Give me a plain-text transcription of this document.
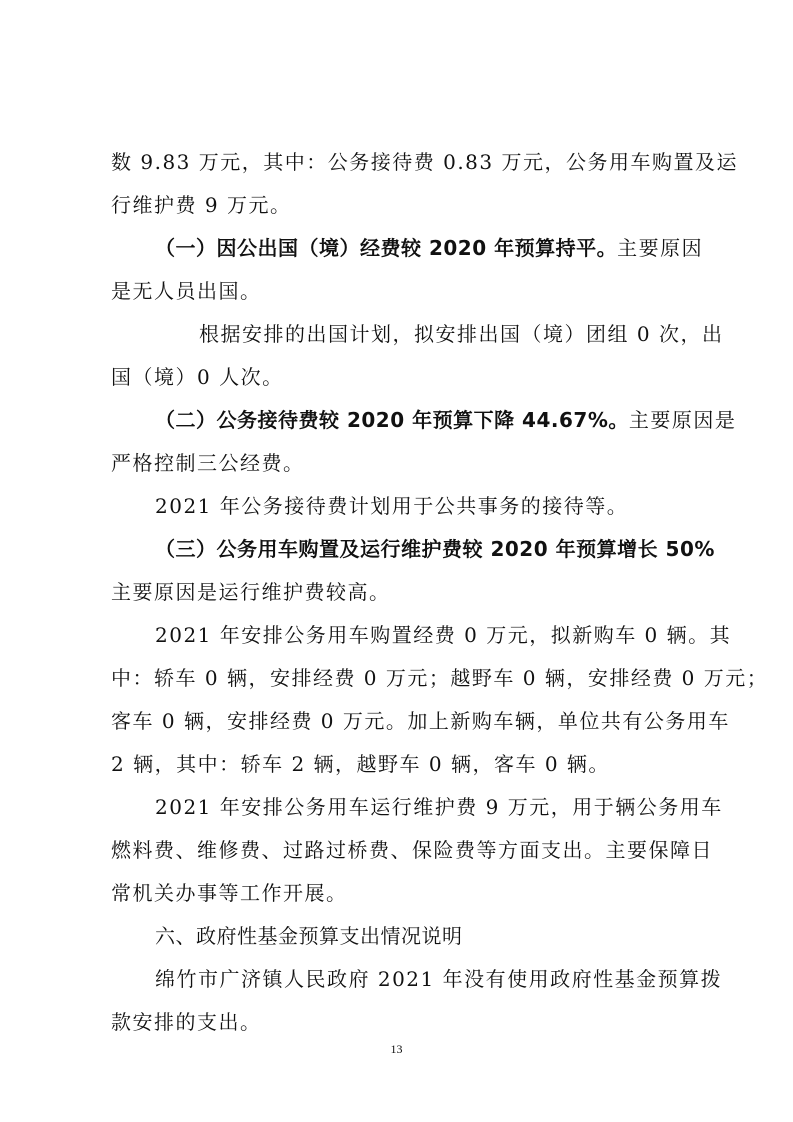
数 9.83 万元，其中：公务接待费 0.83 万元，公务用车购置及运
行维护费 9 万元。
（一）因公出国（境）经费较 2020 年预算持平。主要原因
是无人员出国。
根据安排的出国计划，拟安排出国（境）团组 0 次，出
国（境）0 人次。
（二）公务接待费较 2020 年预算下降 44.67%。主要原因是
严格控制三公经费。
2021 年公务接待费计划用于公共事务的接待等。
（三）公务用车购置及运行维护费较 2020 年预算增长 50%
主要原因是运行维护费较高。
2021 年安排公务用车购置经费 0 万元，拟新购车 0 辆。其
中：轿车 0 辆，安排经费 0 万元；越野车 0 辆，安排经费 0 万元；
客车 0 辆，安排经费 0 万元。加上新购车辆，单位共有公务用车
2 辆，其中：轿车 2 辆，越野车 0 辆，客车 0 辆。
2021 年安排公务用车运行维护费 9 万元，用于辆公务用车
燃料费、维修费、过路过桥费、保险费等方面支出。主要保障日
常机关办事等工作开展。
六、政府性基金预算支出情况说明
绵竹市广济镇人民政府 2021 年没有使用政府性基金预算拨
款安排的支出。
13
